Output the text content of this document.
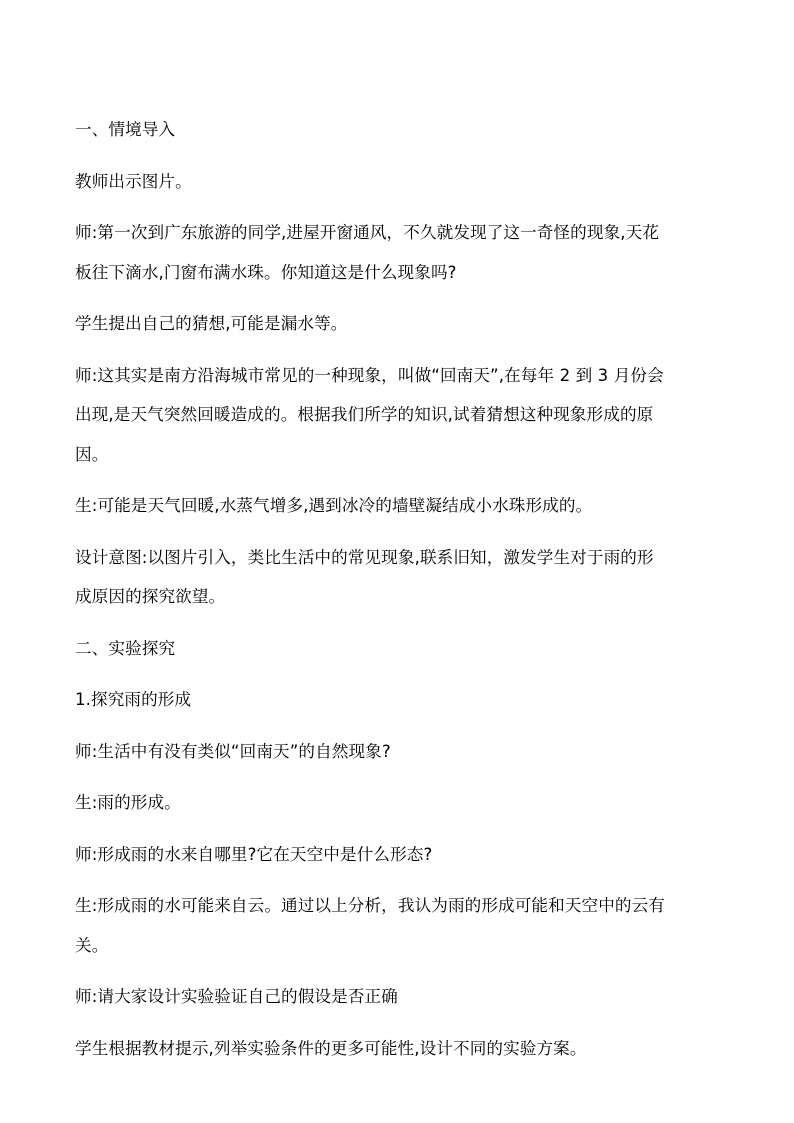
一、情境导入
教师出示图片。
师:第一次到广东旅游的同学,进屋开窗通风，不久就发现了这一奇怪的现象,天花
板往下滴水,门窗布满水珠。你知道这是什么现象吗?
学生提出自己的猜想,可能是漏水等。
师:这其实是南方沿海城市常见的一种现象，叫做“回南天”,在每年 2 到 3 月份会
出现,是天气突然回暖造成的。根据我们所学的知识,试着猜想这种现象形成的原
因。
生:可能是天气回暖,水蒸气增多,遇到冰冷的墙壁凝结成小水珠形成的。
设计意图:以图片引入，类比生活中的常见现象,联系旧知，激发学生对于雨的形
成原因的探究欲望。
二、实验探究
1.探究雨的形成
师:生活中有没有类似“回南天”的自然现象?
生:雨的形成。
师:形成雨的水来自哪里?它在天空中是什么形态?
生:形成雨的水可能来自云。通过以上分析，我认为雨的形成可能和天空中的云有
关。
师:请大家设计实验验证自己的假设是否正确
学生根据教材提示,列举实验条件的更多可能性,设计不同的实验方案。
